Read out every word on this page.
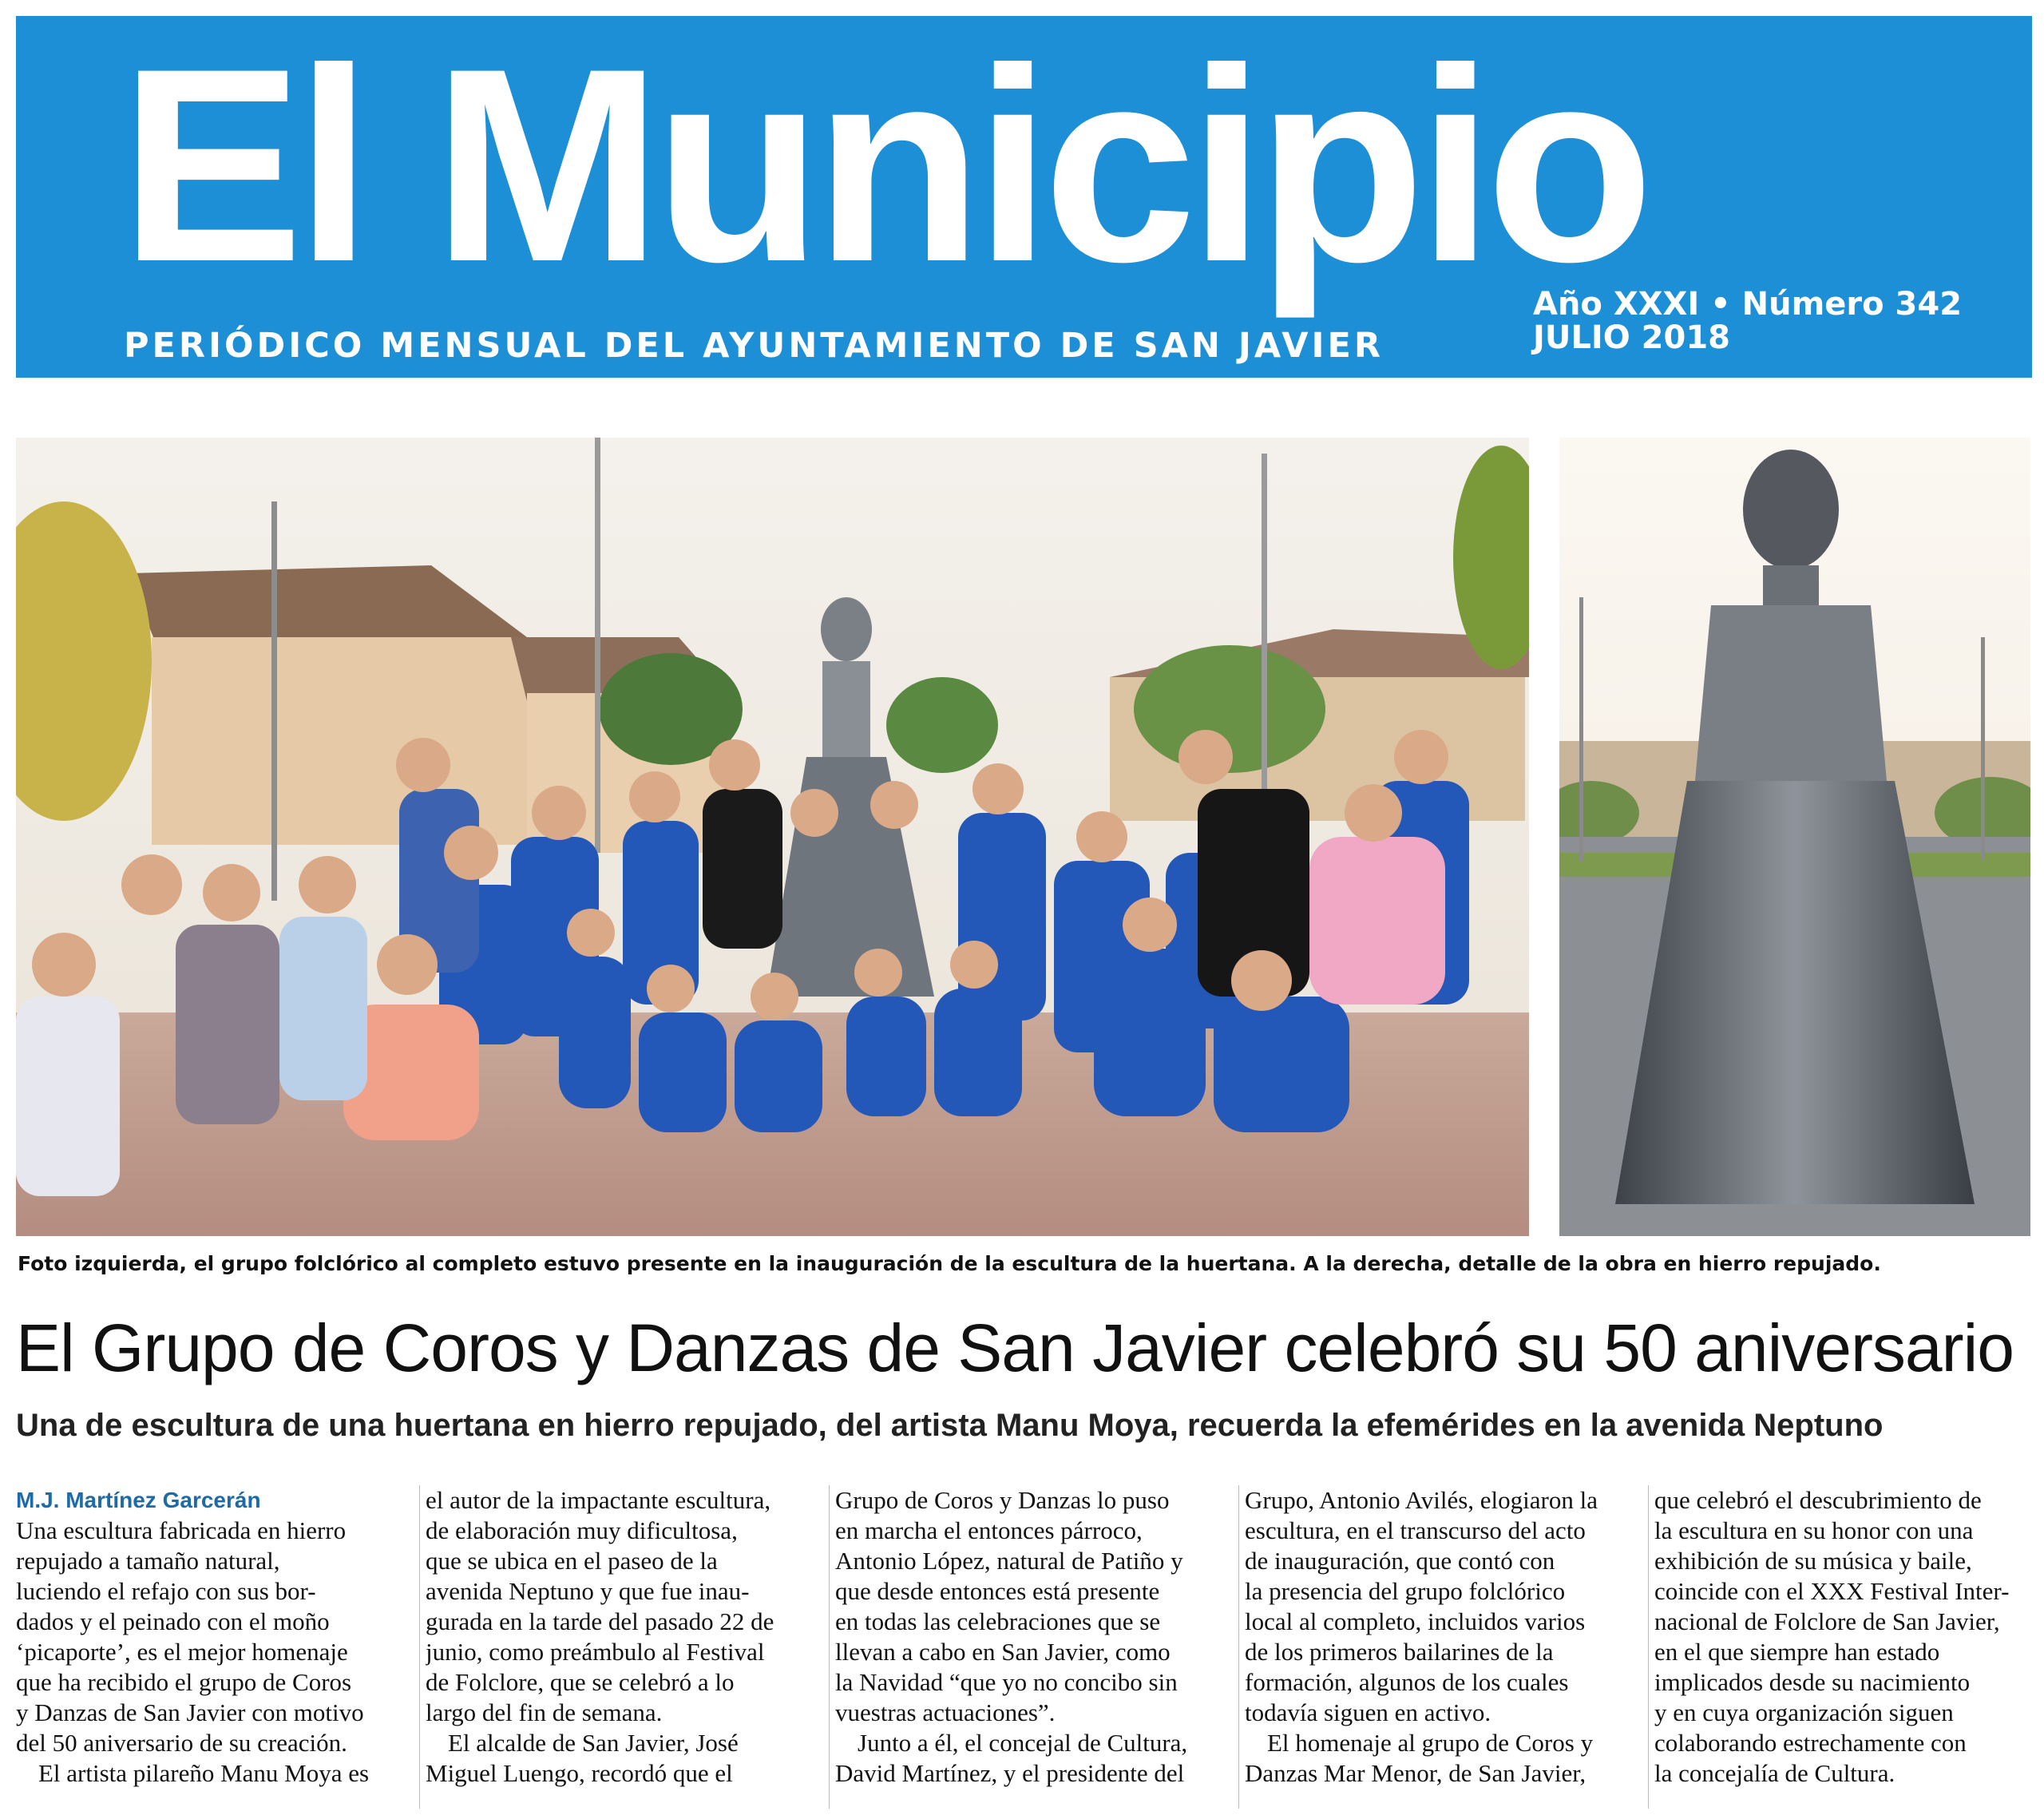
El Municipio
PERIÓDICO MENSUAL DEL AYUNTAMIENTO DE SAN JAVIER
Año XXXI • Número 342
JULIO 2018
Foto izquierda, el grupo folclórico al completo estuvo presente en la inauguración de la escultura de la huertana. A la derecha, detalle de la obra en hierro repujado.
El Grupo de Coros y Danzas de San Javier celebró su 50 aniversario
Una de escultura de una huertana en hierro repujado, del artista Manu Moya, recuerda la efemérides en la avenida Neptuno
M.J. Martínez Garcerán
Una escultura fabricada en hierro
repujado a tamaño natural,
luciendo el refajo con sus bor-
dados y el peinado con el moño
‘picaporte’, es el mejor homenaje
que ha recibido el grupo de Coros
y Danzas de San Javier con motivo
del 50 aniversario de su creación.
El artista pilareño Manu Moya es
el autor de la impactante escultura,
de elaboración muy dificultosa,
que se ubica en el paseo de la
avenida Neptuno y que fue inau-
gurada en la tarde del pasado 22 de
junio, como preámbulo al Festival
de Folclore, que se celebró a lo
largo del fin de semana.
El alcalde de San Javier, José
Miguel Luengo, recordó que el
Grupo de Coros y Danzas lo puso
en marcha el entonces párroco,
Antonio López, natural de Patiño y
que desde entonces está presente
en todas las celebraciones que se
llevan a cabo en San Javier, como
la Navidad “que yo no concibo sin
vuestras actuaciones”.
Junto a él, el concejal de Cultura,
David Martínez, y el presidente del
Grupo, Antonio Avilés, elogiaron la
escultura, en el transcurso del acto
de inauguración, que contó con
la presencia del grupo folclórico
local al completo, incluidos varios
de los primeros bailarines de la
formación, algunos de los cuales
todavía siguen en activo.
El homenaje al grupo de Coros y
Danzas Mar Menor, de San Javier,
que celebró el descubrimiento de
la escultura en su honor con una
exhibición de su música y baile,
coincide con el XXX Festival Inter-
nacional de Folclore de San Javier,
en el que siempre han estado
implicados desde su nacimiento
y en cuya organización siguen
colaborando estrechamente con
la concejalía de Cultura.
